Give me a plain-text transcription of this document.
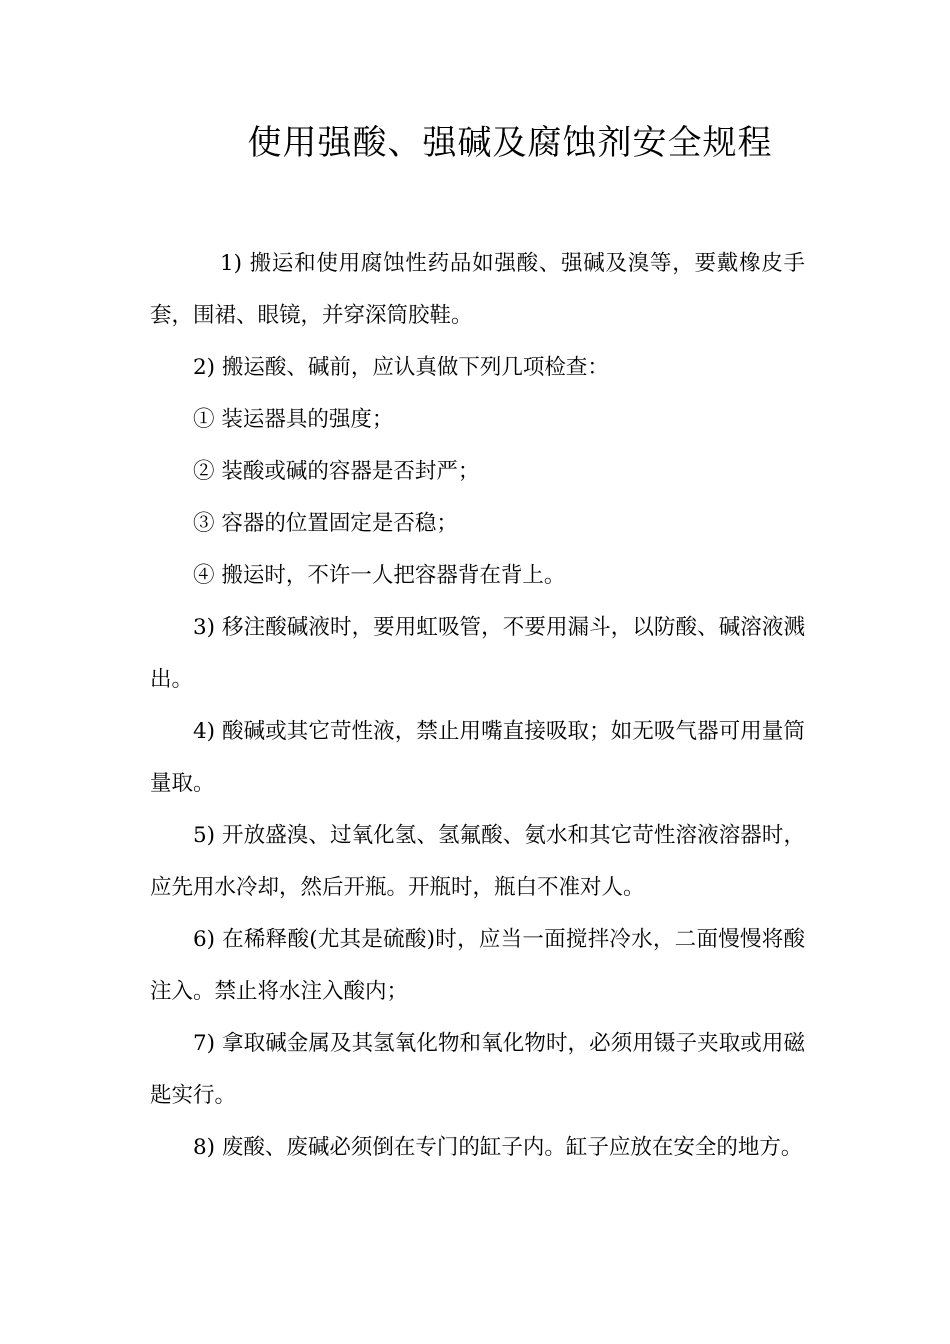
使用强酸、强碱及腐蚀剂安全规程

1) 搬运和使用腐蚀性药品如强酸、强碱及溴等，要戴橡皮手套，围裙、眼镜，并穿深筒胶鞋。

2) 搬运酸、碱前，应认真做下列几项检查：

① 装运器具的强度；

② 装酸或碱的容器是否封严；

③ 容器的位置固定是否稳；

④ 搬运时，不许一人把容器背在背上。

3) 移注酸碱液时，要用虹吸管，不要用漏斗，以防酸、碱溶液溅出。

4) 酸碱或其它苛性液，禁止用嘴直接吸取；如无吸气器可用量筒量取。

5) 开放盛溴、过氧化氢、氢氟酸、氨水和其它苛性溶液溶器时，应先用水冷却，然后开瓶。开瓶时，瓶白不准对人。

6) 在稀释酸(尤其是硫酸)时，应当一面搅拌冷水，二面慢慢将酸注入。禁止将水注入酸内；

7) 拿取碱金属及其氢氧化物和氧化物时，必须用镊子夹取或用磁匙实行。

8) 废酸、废碱必须倒在专门的缸子内。缸子应放在安全的地方。
